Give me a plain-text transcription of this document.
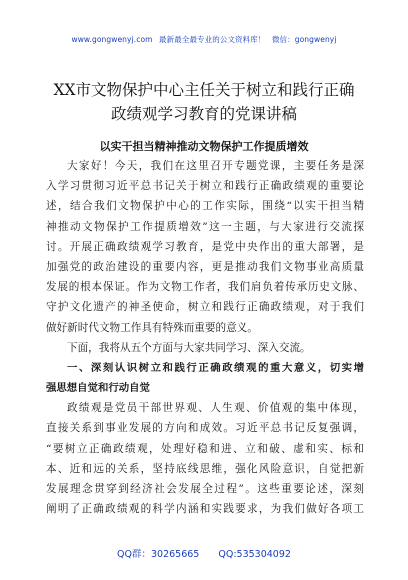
www.gongwenyj.com 最新最全最专业的公文资料库！ 微信：gongwenyj
XX市文物保护中心主任关于树立和践行正确
政绩观学习教育的党课讲稿
以实干担当精神推动文物保护工作提质增效
大家好！今天，我们在这里召开专题党课，主要任务是深
入学习贯彻习近平总书记关于树立和践行正确政绩观的重要论
述，结合我们文物保护中心的工作实际，围绕“以实干担当精
神推动文物保护工作提质增效”这一主题，与大家进行交流探
讨。开展正确政绩观学习教育，是党中央作出的重大部署，是
加强党的政治建设的重要内容，更是推动我们文物事业高质量
发展的根本保证。作为文物工作者，我们肩负着传承历史文脉、
守护文化遗产的神圣使命，树立和践行正确政绩观，对于我们
做好新时代文物工作具有特殊而重要的意义。
下面，我将从五个方面与大家共同学习、深入交流。
一、深刻认识树立和践行正确政绩观的重大意义，切实增
强思想自觉和行动自觉
政绩观是党员干部世界观、人生观、价值观的集中体现，
直接关系到事业发展的方向和成效。习近平总书记反复强调，
“要树立正确政绩观，处理好稳和进、立和破、虚和实、标和
本、近和远的关系，坚持底线思维，强化风险意识，自觉把新
发展理念贯穿到经济社会发展全过程”。这些重要论述，深刻
阐明了正确政绩观的科学内涵和实践要求，为我们做好各项工
QQ群：30265665 QQ:535304092
